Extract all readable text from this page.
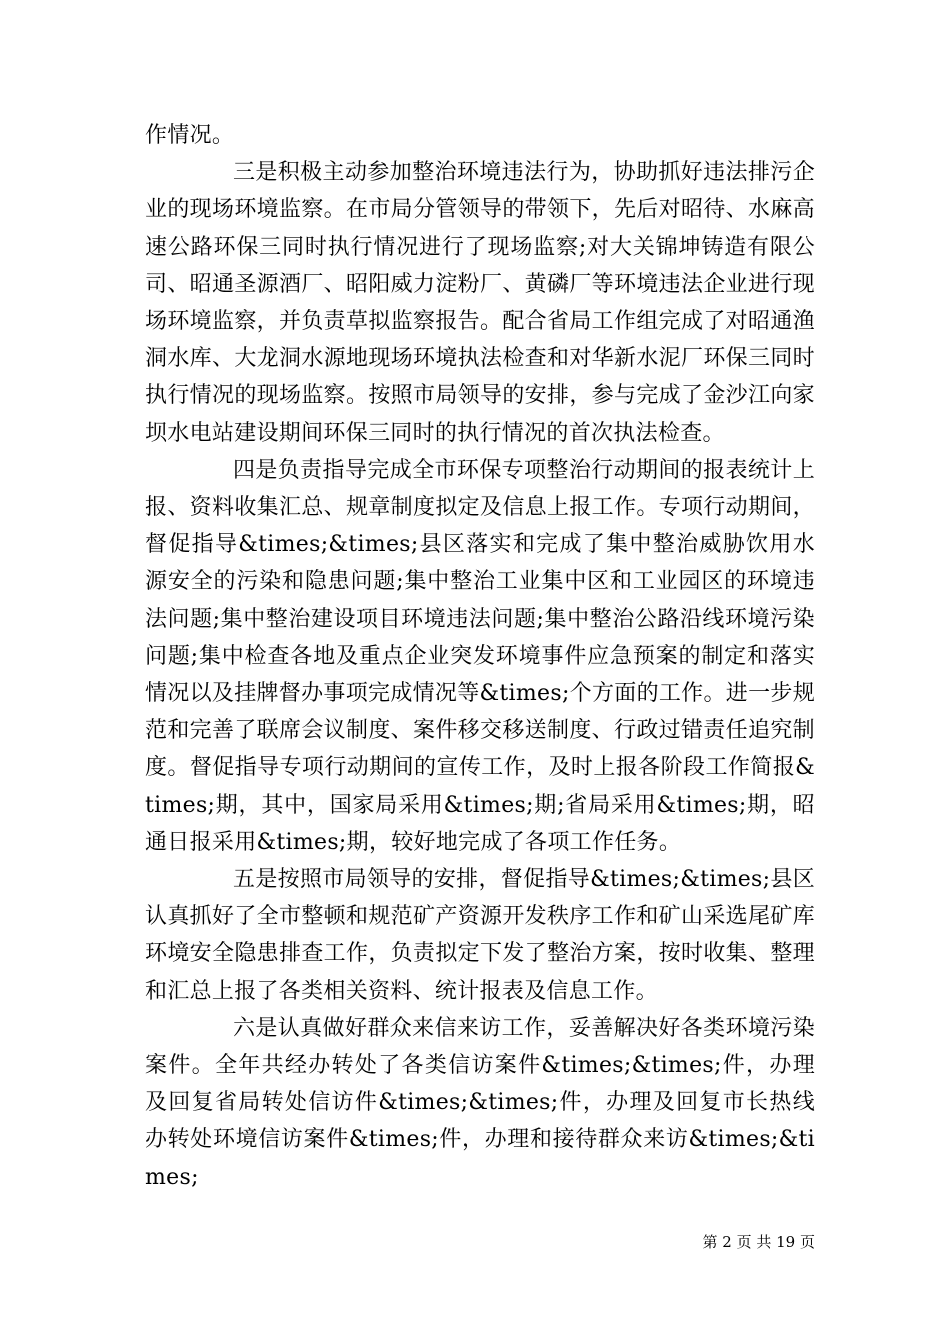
作情况。

三是积极主动参加整治环境违法行为，协助抓好违法排污企业的现场环境监察。在市局分管领导的带领下，先后对昭待、水麻高速公路环保三同时执行情况进行了现场监察;对大关锦坤铸造有限公司、昭通圣源酒厂、昭阳威力淀粉厂、黄磷厂等环境违法企业进行现场环境监察，并负责草拟监察报告。配合省局工作组完成了对昭通渔洞水库、大龙洞水源地现场环境执法检查和对华新水泥厂环保三同时执行情况的现场监察。按照市局领导的安排，参与完成了金沙江向家坝水电站建设期间环保三同时的执行情况的首次执法检查。

四是负责指导完成全市环保专项整治行动期间的报表统计上报、资料收集汇总、规章制度拟定及信息上报工作。专项行动期间，督促指导&times;&times;县区落实和完成了集中整治威胁饮用水源安全的污染和隐患问题;集中整治工业集中区和工业园区的环境违法问题;集中整治建设项目环境违法问题;集中整治公路沿线环境污染问题;集中检查各地及重点企业突发环境事件应急预案的制定和落实情况以及挂牌督办事项完成情况等&times;个方面的工作。进一步规范和完善了联席会议制度、案件移交移送制度、行政过错责任追究制度。督促指导专项行动期间的宣传工作，及时上报各阶段工作简报&times;期，其中，国家局采用&times;期;省局采用&times;期，昭通日报采用&times;期，较好地完成了各项工作任务。

五是按照市局领导的安排，督促指导&times;&times;县区认真抓好了全市整顿和规范矿产资源开发秩序工作和矿山采选尾矿库环境安全隐患排查工作，负责拟定下发了整治方案，按时收集、整理和汇总上报了各类相关资料、统计报表及信息工作。

六是认真做好群众来信来访工作，妥善解决好各类环境污染案件。全年共经办转处了各类信访案件&times;&times;件，办理及回复省局转处信访件&times;&times;件，办理及回复市长热线办转处环境信访案件&times;件，办理和接待群众来访&times;&times;

第 2 页 共 19 页
